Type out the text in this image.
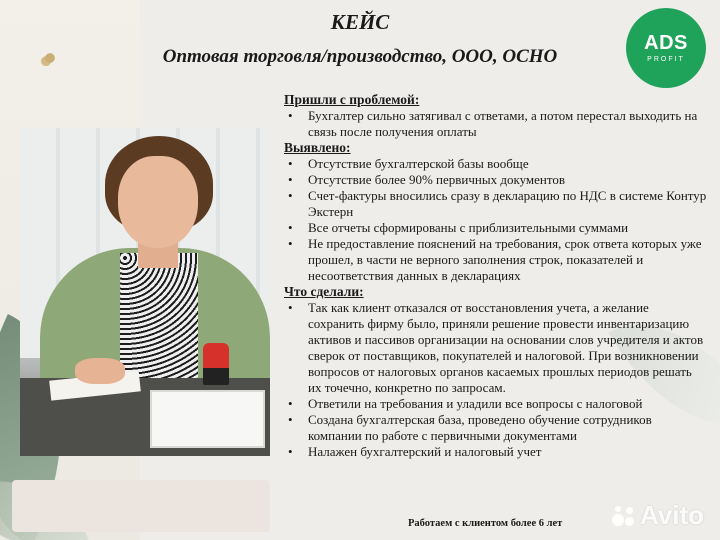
КЕЙС
Оптовая торговля/производство, ООО, ОСНО
ADS
PROFIT
Пришли с проблемой:
• Бухгалтер сильно затягивал с ответами, а потом перестал выходить на связь после получения оплаты
Выявлено:
• Отсутствие бухгалтерской базы вообще
• Отсутствие более 90% первичных документов
• Счет-фактуры вносились сразу в декларацию по НДС в системе Контур Экстерн
• Все отчеты сформированы с приблизительными суммами
• Не предоставление пояснений на требования, срок ответа которых уже прошел, в части не верного заполнения строк, показателей и несоответствия данных в декларациях
Что сделали:
• Так как клиент отказался от восстановления учета, а желание сохранить фирму было, приняли решение провести инвентаризацию активов и пассивов организации на основании слов учредителя и актов сверок от поставщиков, покупателей и налоговой. При возникновении вопросов от налоговых органов касаемых прошлых периодов решать их точечно, конкретно по запросам.
• Ответили на требования и уладили все вопросы с налоговой
• Создана бухгалтерская база, проведено обучение сотрудников компании по работе с первичными документами
• Налажен бухгалтерский и налоговый учет
Работаем с клиентом более 6 лет	Avito
